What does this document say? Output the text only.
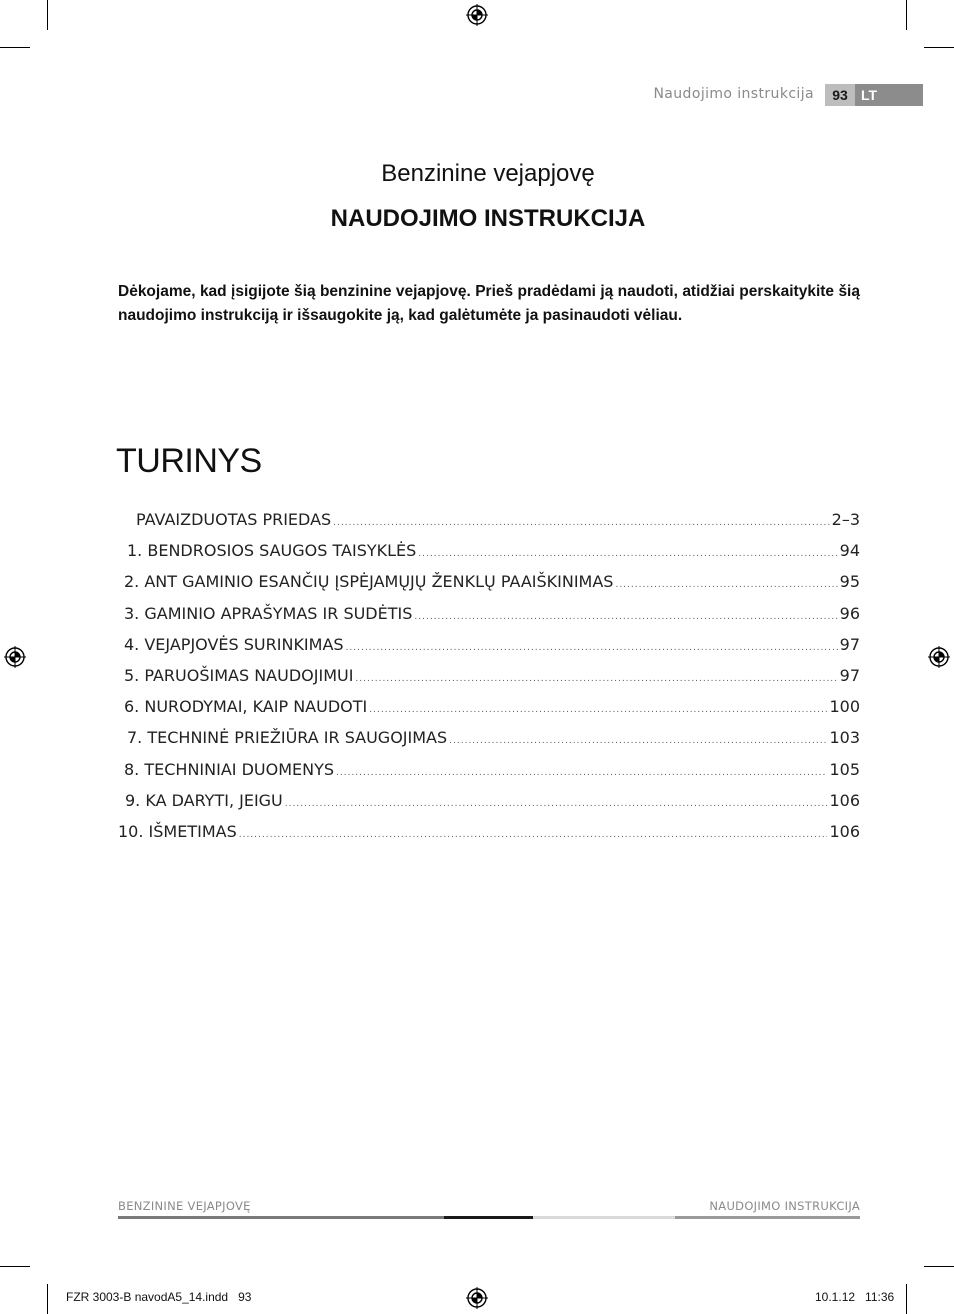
Naudojimo instrukcija	93 LT
Benzinine vejapjovę
NAUDOJIMO INSTRUKCIJA
Dėkojame, kad įsigijote šią benzinine vejapjovę. Prieš pradėdami ją naudoti, atidžiai perskaitykite šią naudojimo instrukciją ir išsaugokite ją, kad galėtumėte ja pasinaudoti vėliau.
TURINYS
PAVAIZDUOTAS PRIEDAS .....	2–3
1. BENDROSIOS SAUGOS TAISYKLĖS .....	94
2. ANT GAMINIO ESANČIŲ ĮSPĖJAMŲJŲ ŽENKLŲ PAAIŠKINIMAS .....	95
3. GAMINIO APRAŠYMAS IR SUDĖTIS .....	96
4. VEJAPJOVĖS SURINKIMAS .....	97
5. PARUOŠIMAS NAUDOJIMUI .....	97
6. NURODYMAI, KAIP NAUDOTI .....	100
7. TECHNINĖ PRIEŽIŪRA IR SAUGOJIMAS .....	103
8. TECHNINIAI DUOMENYS .....	105
9. KA DARYTI, JEIGU .....	106
10. IŠMETIMAS .....	106
BENZININE VEJAPJOVĘ	NAUDOJIMO INSTRUKCIJA
FZR 3003-B navodA5_14.indd   93	10.1.12   11:36
